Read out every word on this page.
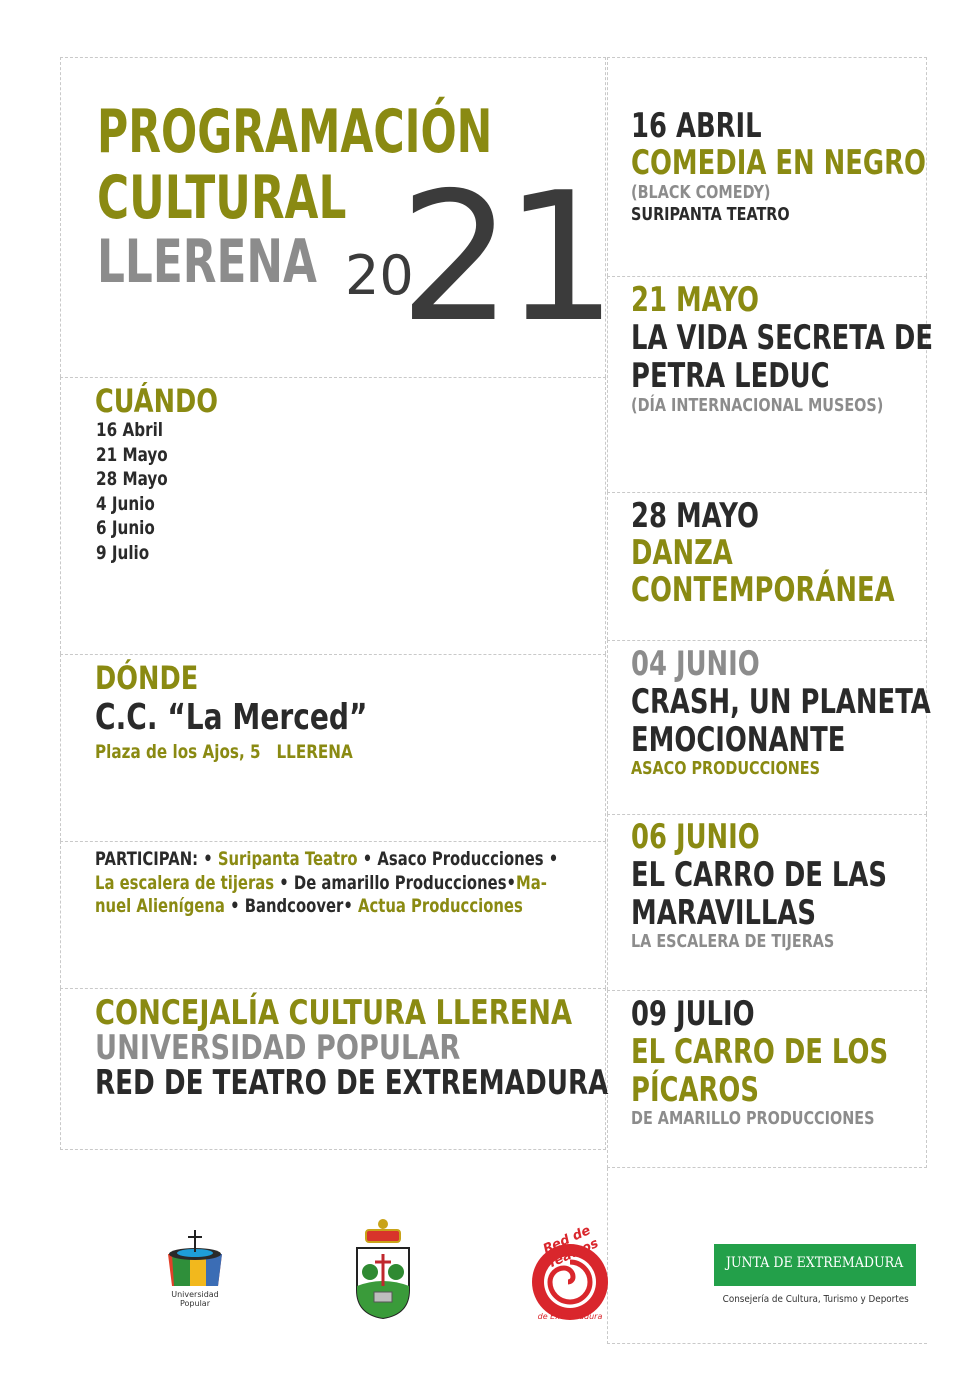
PROGRAMACIÓN
CULTURAL
LLERENA 20
21
CUÁNDO
16 Abril
21 Mayo
28 Mayo
4 Junio
6 Junio
9 Julio
DÓNDE
C.C. “La Merced”
Plaza de los Ajos, 5   LLERENA
PARTICIPAN: • Suripanta Teatro • Asaco Producciones •
La escalera de tijeras • De amarillo Producciones•Ma-
nuel Alienígena • Bandcoover• Actua Producciones
CONCEJALÍA CULTURA LLERENA
UNIVERSIDAD POPULAR
RED DE TEATRO DE EXTREMADURA
16 ABRIL
COMEDIA EN NEGRO
(BLACK COMEDY)
SURIPANTA TEATRO
21 MAYO
LA VIDA SECRETA DE
PETRA LEDUC
(DÍA INTERNACIONAL MUSEOS)
28 MAYO
DANZA
CONTEMPORÁNEA
04 JUNIO
CRASH, UN PLANETA
EMOCIONANTE
ASACO PRODUCCIONES
06 JUNIO
EL CARRO DE LAS
MARAVILLAS
LA ESCALERA DE TIJERAS
09 JULIO
EL CARRO DE LOS
PÍCAROS
DE AMARILLO PRODUCCIONES
Universidad
Popular
Red de Teatros
de Extremadura
JUNTA DE EXTREMADURA
Consejería de Cultura, Turismo y Deportes
